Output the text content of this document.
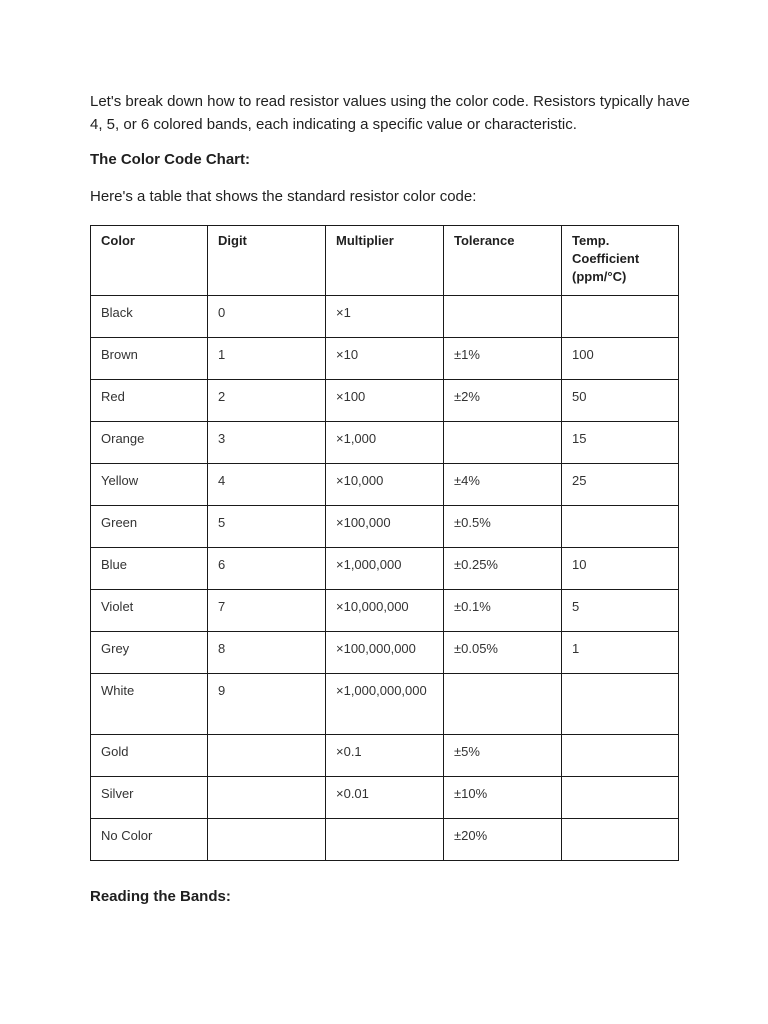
Let's break down how to read resistor values using the color code. Resistors typically have 4, 5, or 6 colored bands, each indicating a specific value or characteristic.

The Color Code Chart:

Here's a table that shows the standard resistor color code:

Color	Digit	Multiplier	Tolerance	Temp. Coefficient (ppm/°C)
Black	0	×1		
Brown	1	×10	±1%	100
Red	2	×100	±2%	50
Orange	3	×1,000		15
Yellow	4	×10,000	±4%	25
Green	5	×100,000	±0.5%	
Blue	6	×1,000,000	±0.25%	10
Violet	7	×10,000,000	±0.1%	5
Grey	8	×100,000,000	±0.05%	1
White	9	×1,000,000,000		
Gold		×0.1	±5%	
Silver		×0.01	±10%	
No Color			±20%	

Reading the Bands:
